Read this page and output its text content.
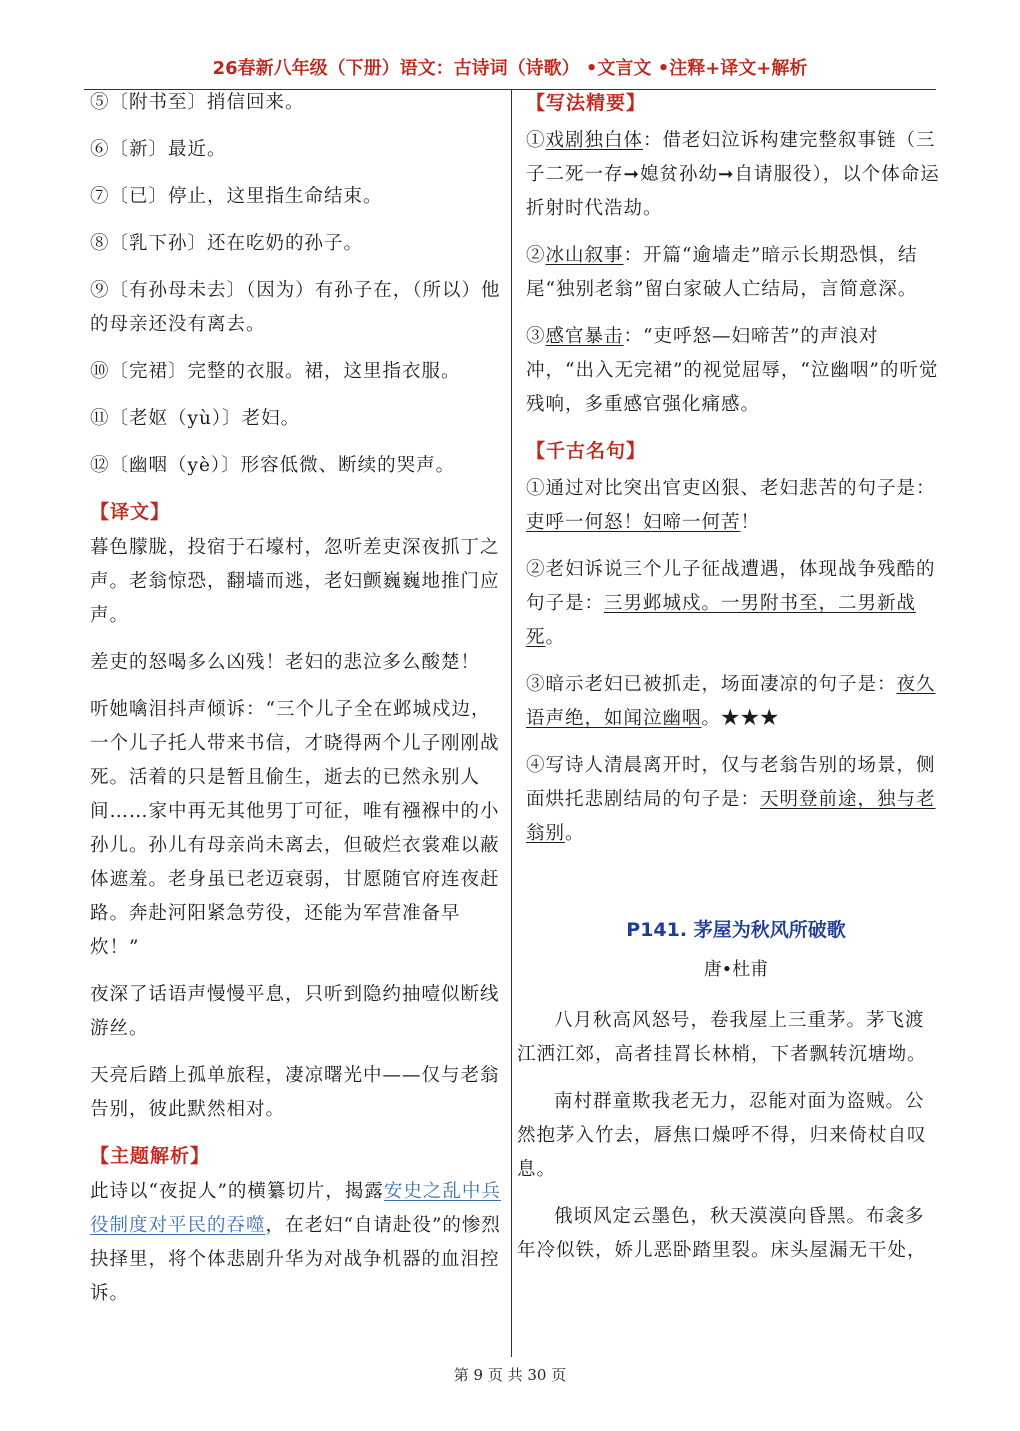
26春新八年级（下册）语文：古诗词（诗歌） •文言文 •注释+译文+解析
⑤〔附书至〕捎信回来。
⑥〔新〕最近。
⑦〔已〕停止，这里指生命结束。
⑧〔乳下孙〕还在吃奶的孙子。
⑨〔有孙母未去〕（因为）有孙子在，（所以）他的母亲还没有离去。
⑩〔完裙〕完整的衣服。裙，这里指衣服。
⑪〔老妪（yù）〕老妇。
⑫〔幽咽（yè）〕形容低微、断续的哭声。
【译文】
暮色朦胧，投宿于石壕村，忽听差吏深夜抓丁之声。老翁惊恐，翻墙而逃，老妇颤巍巍地推门应声。
差吏的怒喝多么凶残！老妇的悲泣多么酸楚！
听她噙泪抖声倾诉：“三个儿子全在邺城戍边，一个儿子托人带来书信，才晓得两个儿子刚刚战死。活着的只是暂且偷生，逝去的已然永别人间……家中再无其他男丁可征，唯有襁褓中的小孙儿。孙儿有母亲尚未离去，但破烂衣裳难以蔽体遮羞。老身虽已老迈衰弱，甘愿随官府连夜赶路。奔赴河阳紧急劳役，还能为军营准备早炊！”
夜深了话语声慢慢平息，只听到隐约抽噎似断线游丝。
天亮后踏上孤单旅程，凄凉曙光中——仅与老翁告别，彼此默然相对。
【主题解析】
此诗以“夜捉人”的横纂切片，揭露安史之乱中兵役制度对平民的吞噬，在老妇“自请赴役”的惨烈抉择里，将个体悲剧升华为对战争机器的血泪控诉。
【写法精要】
①戏剧独白体：借老妇泣诉构建完整叙事链（三子二死一存➞媳贫孙幼➞自请服役），以个体命运折射时代浩劫。
②冰山叙事：开篇“逾墙走”暗示长期恐惧，结尾“独别老翁”留白家破人亡结局，言简意深。
③感官暴击：“吏呼怒—妇啼苦”的声浪对冲，“出入无完裙”的视觉屈辱，“泣幽咽”的听觉残响，多重感官强化痛感。
【千古名句】
①通过对比突出官吏凶狠、老妇悲苦的句子是：吏呼一何怒！妇啼一何苦！
②老妇诉说三个儿子征战遭遇，体现战争残酷的句子是：三男邺城戍。一男附书至，二男新战死。
③暗示老妇已被抓走，场面凄凉的句子是：夜久语声绝，如闻泣幽咽。★★★
④写诗人清晨离开时，仅与老翁告别的场景，侧面烘托悲剧结局的句子是：天明登前途，独与老翁别。
P141. 茅屋为秋风所破歌
唐•杜甫
八月秋高风怒号，卷我屋上三重茅。茅飞渡江洒江郊，高者挂罥长林梢，下者飘转沉塘坳。
南村群童欺我老无力，忍能对面为盗贼。公然抱茅入竹去，唇焦口燥呼不得，归来倚杖自叹息。
俄顷风定云墨色，秋天漠漠向昏黑。布衾多年冷似铁，娇儿恶卧踏里裂。床头屋漏无干处，
第 9 页 共 30 页
